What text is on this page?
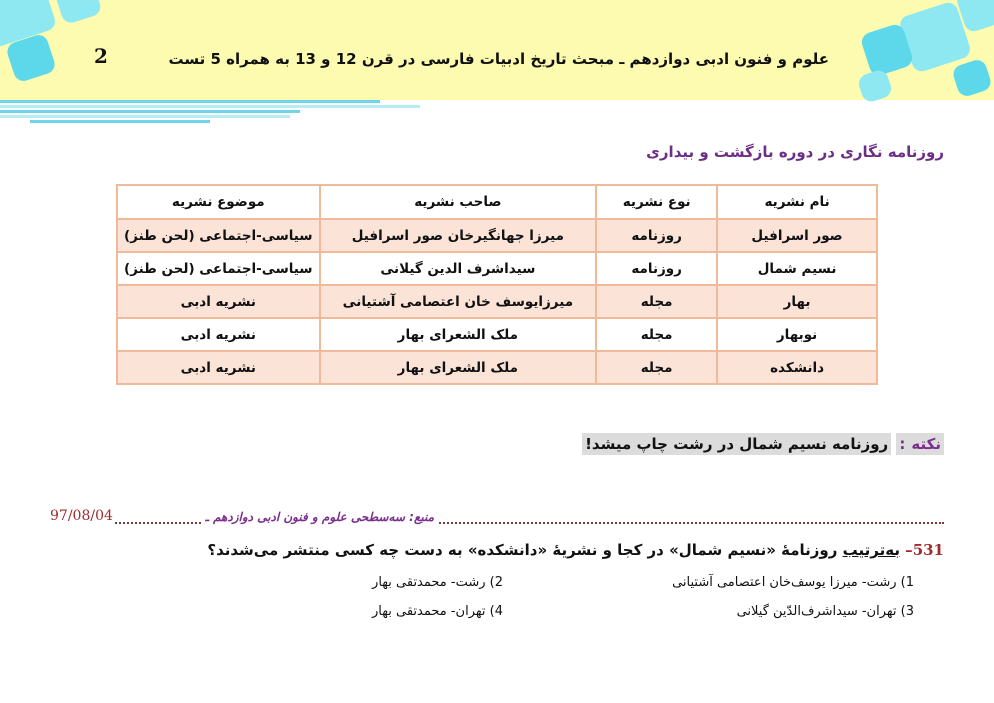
علوم و فنون ادبی دوازدهم ـ مبحث تاریخ ادبیات فارسی در قرن 12 و 13 به همراه 5 تست
2
روزنامه نگاری در دوره بازگشت و بیداری
نام نشریه	نوع نشریه	صاحب نشریه	موضوع نشریه
صور اسرافیل	روزنامه	میرزا جهانگیرخان صور اسرافیل	سیاسی-اجتماعی (لحن طنز)
نسیم شمال	روزنامه	سیداشرف الدین گیلانی	سیاسی-اجتماعی (لحن طنز)
بهار	مجله	میرزایوسف خان اعتصامی آشتیانی	نشریه ادبی
نوبهار	مجله	ملک الشعرای بهار	نشریه ادبی
دانشکده	مجله	ملک الشعرای بهار	نشریه ادبی
نکته: روزنامه نسیم شمال در رشت چاپ میشد!
منبع: سه‌سطحی علوم و فنون ادبی دوازدهم ـ
97/08/04
531– به‌ترتیب روزنامهٔ «نسیم شمال» در کجا و نشریهٔ «دانشکده» به دست چه کسی منتشر می‌شدند؟
1) رشت- میرزا یوسف‌خان اعتصامی آشتیانی
2) رشت- محمدتقی بهار
3) تهران- سیداشرف‌الدّین گیلانی
4) تهران- محمدتقی بهار
